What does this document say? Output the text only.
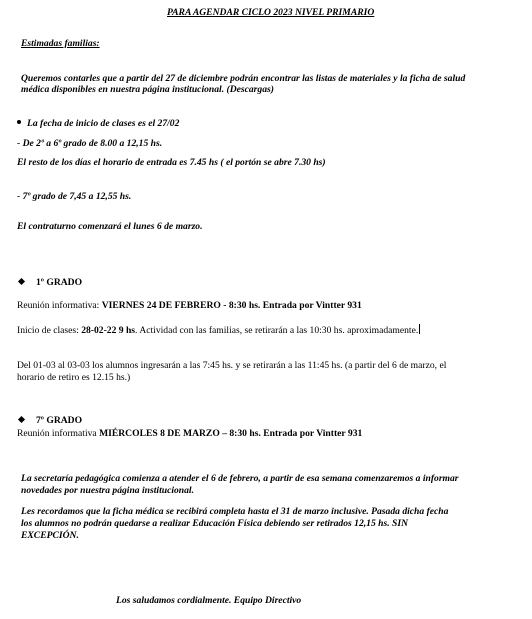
PARA AGENDAR CICLO 2023 NIVEL PRIMARIO
Estimadas familias:
Queremos contarles que a partir del 27 de diciembre podrán encontrar las listas de materiales y la ficha de salud
médica disponibles en nuestra página institucional. (Descargas)
La fecha de inicio de clases es el 27/02
- De 2º a 6º grado de 8.00 a 12,15 hs.
El resto de los días el horario de entrada es 7.45 hs ( el portón se abre 7.30 hs)
- 7º grado de 7,45 a 12,55 hs.
El contraturno comenzará el lunes 6 de marzo.
1º GRADO
Reunión informativa: VIERNES 24 DE FEBRERO - 8:30 hs. Entrada por Vintter 931
Inicio de clases: 28-02-22 9 hs. Actividad con las familias, se retirarán a las 10:30 hs. aproximadamente.
Del 01-03 al 03-03 los alumnos ingresarán a las 7:45 hs. y se retirarán a las 11:45 hs. (a partir del 6 de marzo, el
horario de retiro es 12.15 hs.)
7º GRADO
Reunión informativa MIÉRCOLES 8 DE MARZO – 8:30 hs. Entrada por Vintter 931
La secretaría pedagógica comienza a atender el 6 de febrero, a partir de esa semana comenzaremos a informar
novedades por nuestra página institucional.
Les recordamos que la ficha médica se recibirá completa hasta el 31 de marzo inclusive. Pasada dicha fecha
los alumnos no podrán quedarse a realizar Educación Física debiendo ser retirados 12,15 hs. SIN
EXCEPCIÓN.
Los saludamos cordialmente. Equipo Directivo
